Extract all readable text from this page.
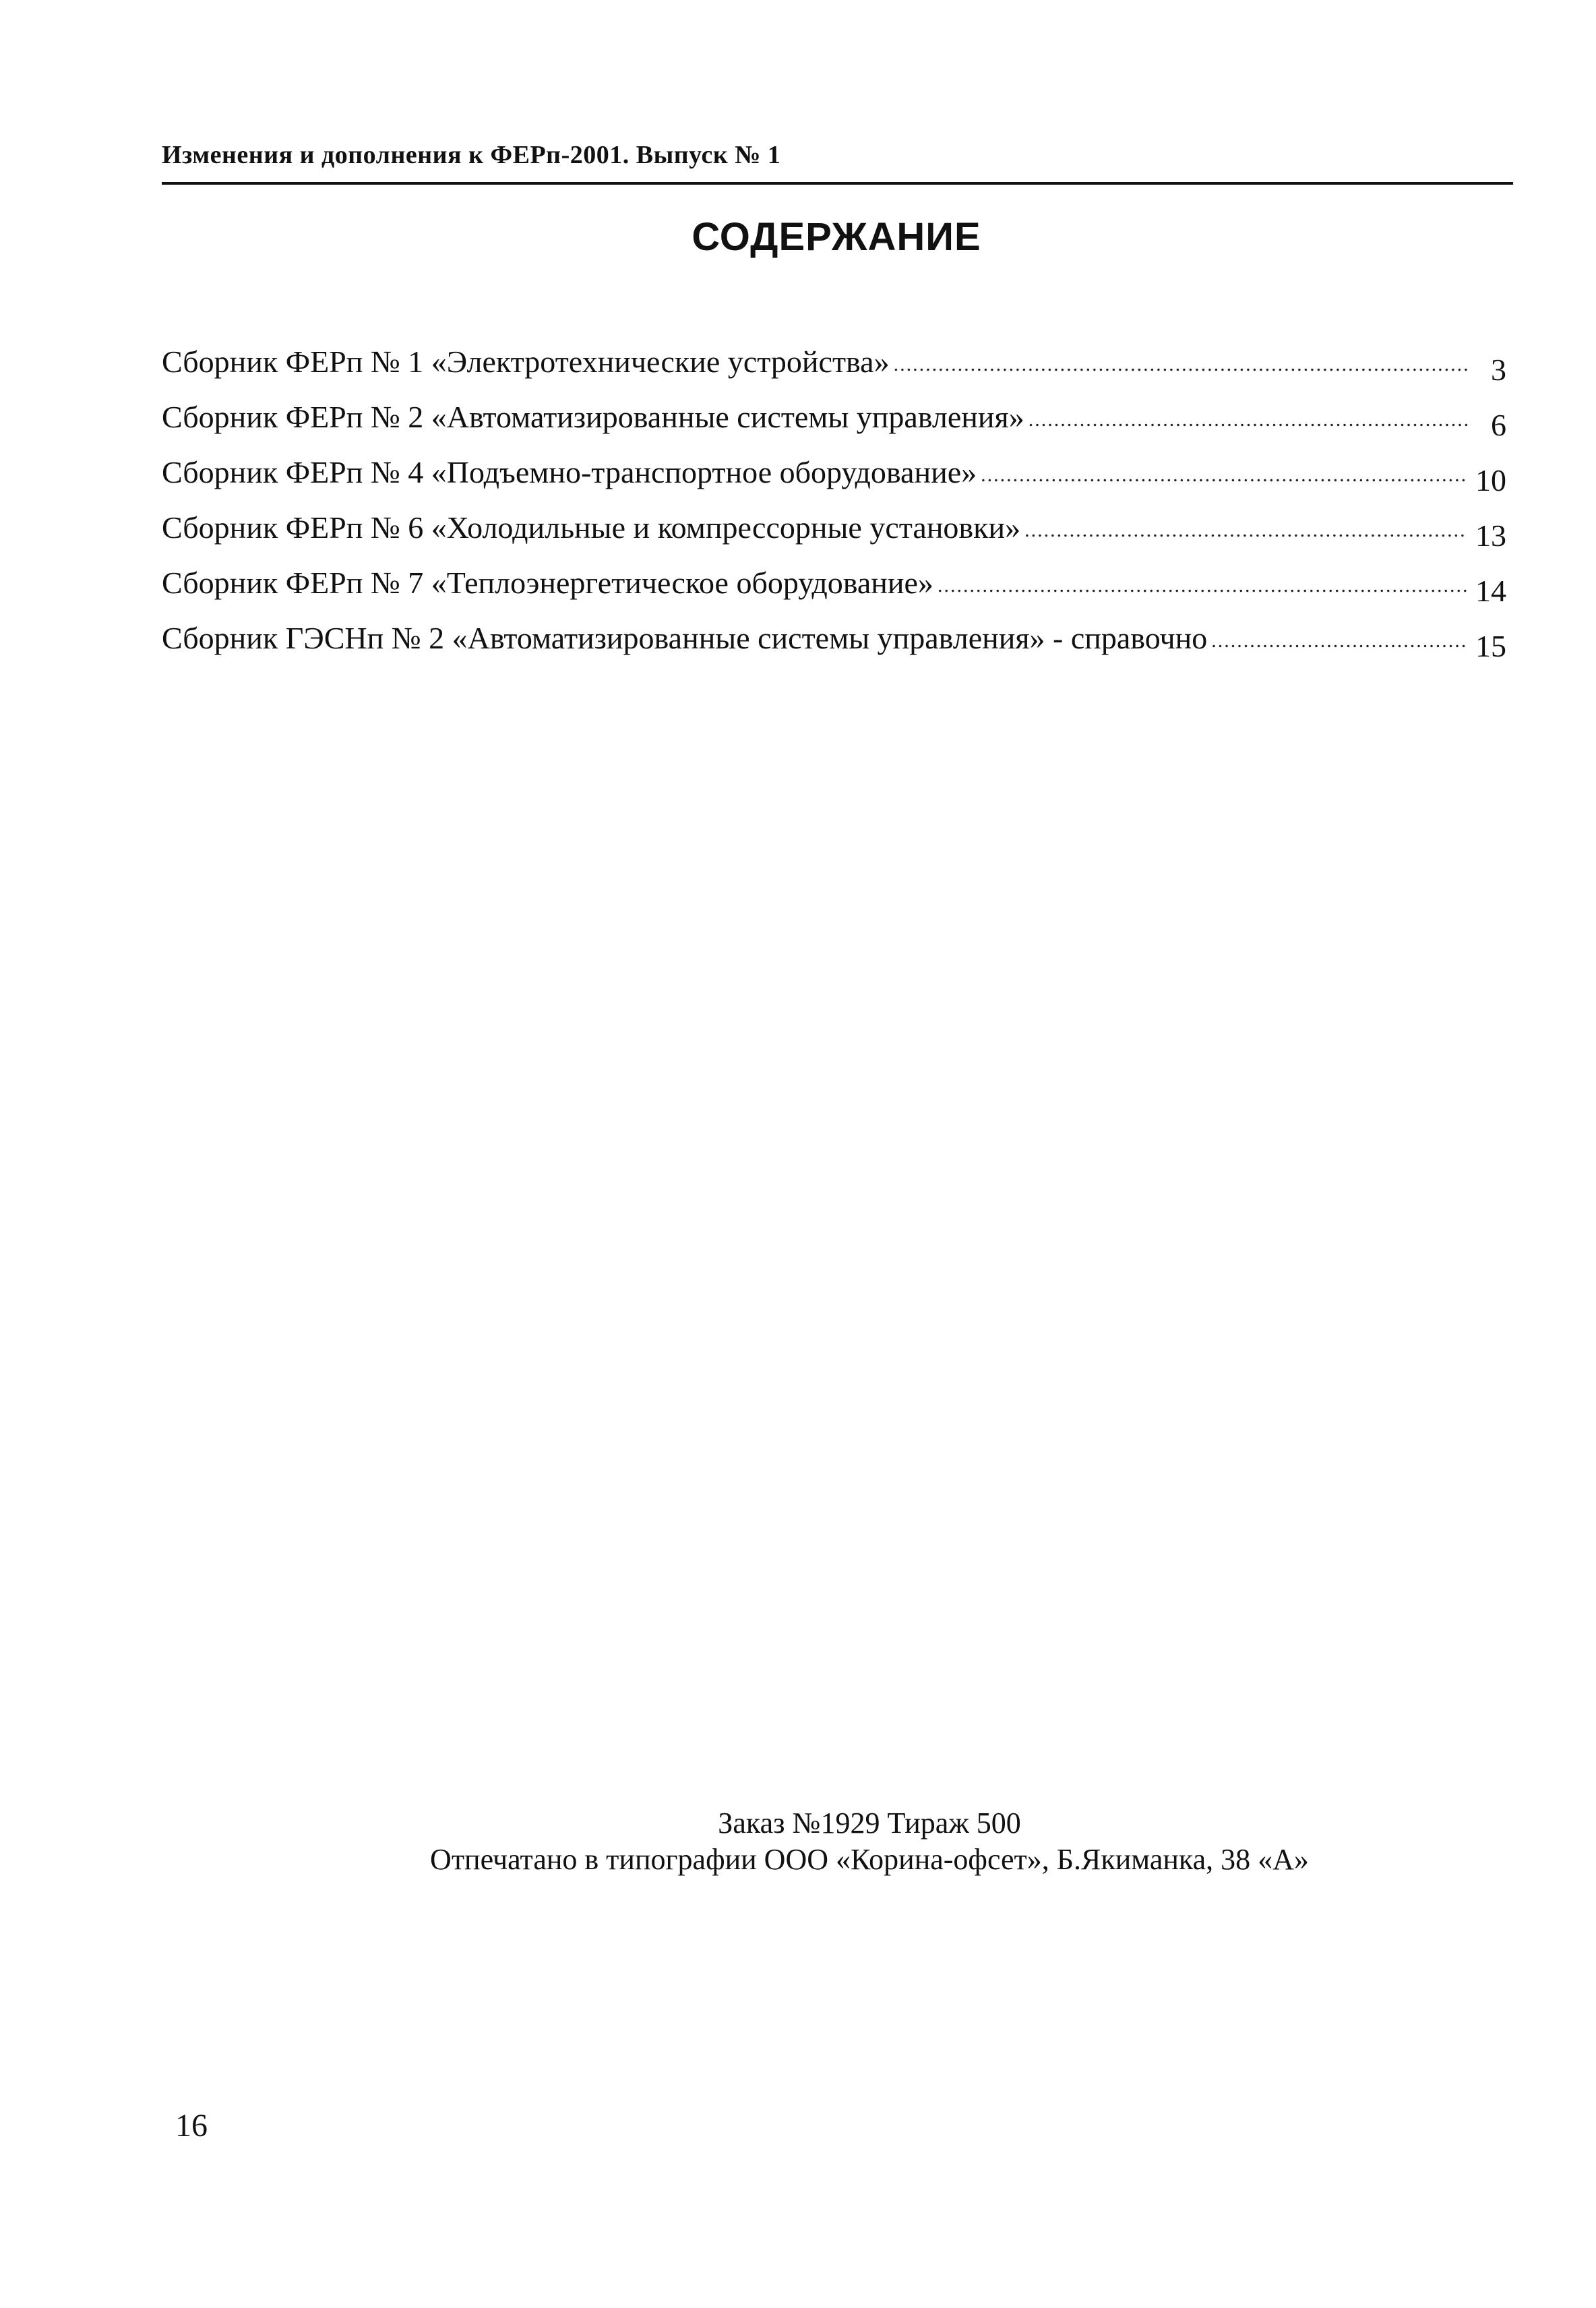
Изменения и дополнения к ФЕРп-2001. Выпуск № 1
СОДЕРЖАНИЕ
Сборник ФЕРп № 1 «Электротехнические устройства» .....	3
Сборник ФЕРп № 2 «Автоматизированные системы управления» .....	6
Сборник ФЕРп № 4 «Подъемно-транспортное оборудование» .....	10
Сборник ФЕРп № 6 «Холодильные и компрессорные установки» .....	13
Сборник ФЕРп № 7 «Теплоэнергетическое оборудование» .....	14
Сборник ГЭСНп № 2 «Автоматизированные системы управления» - справочно .....	15
Заказ №1929 Тираж 500
Отпечатано в типографии ООО «Корина-офсет», Б.Якиманка, 38 «А»
16
